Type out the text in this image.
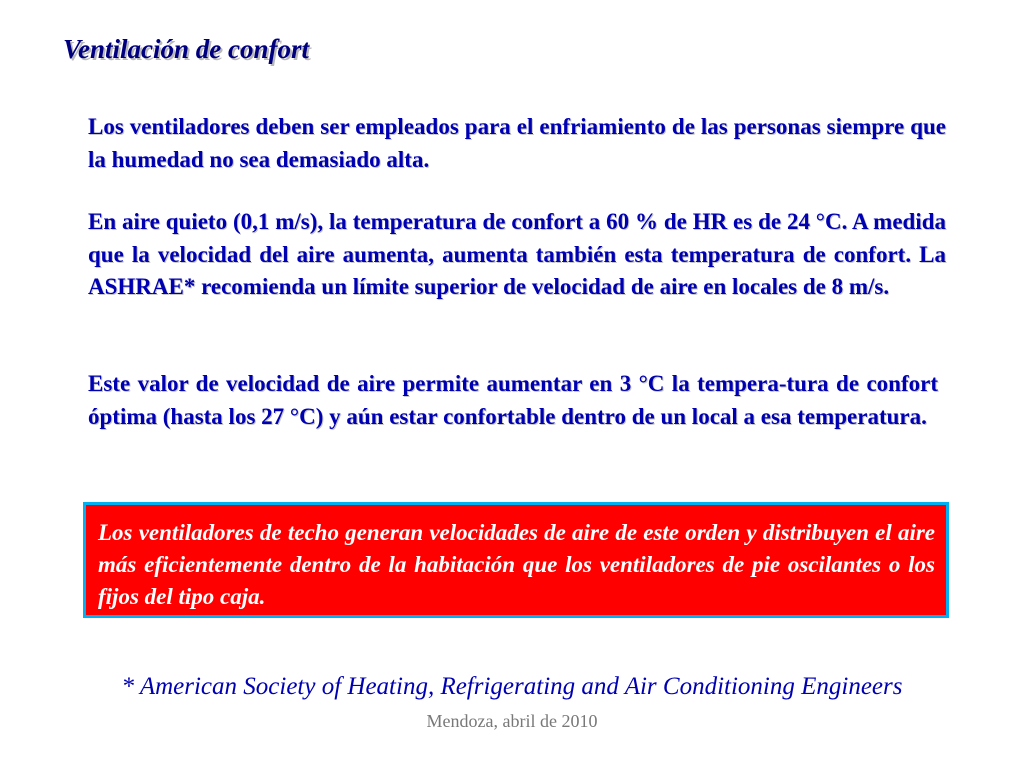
Ventilación de confort

Los ventiladores deben ser empleados para el enfriamiento de las personas siempre que la humedad no sea demasiado alta.

En aire quieto (0,1 m/s), la temperatura de confort a 60 % de HR es de 24 °C. A medida que la velocidad del aire aumenta, aumenta también esta temperatura de confort. La ASHRAE* recomienda un límite superior de velocidad de aire en locales de 8 m/s.

Este valor de velocidad de aire permite aumentar en 3 °C la tempera-tura de confort óptima (hasta los 27 °C) y aún estar confortable dentro de un local a esa temperatura.

Los ventiladores de techo generan velocidades de aire de este orden y distribuyen el aire más eficientemente dentro de la habitación que los ventiladores de pie oscilantes o los fijos del tipo caja.

* American Society of Heating, Refrigerating and Air Conditioning Engineers

Mendoza, abril de 2010
